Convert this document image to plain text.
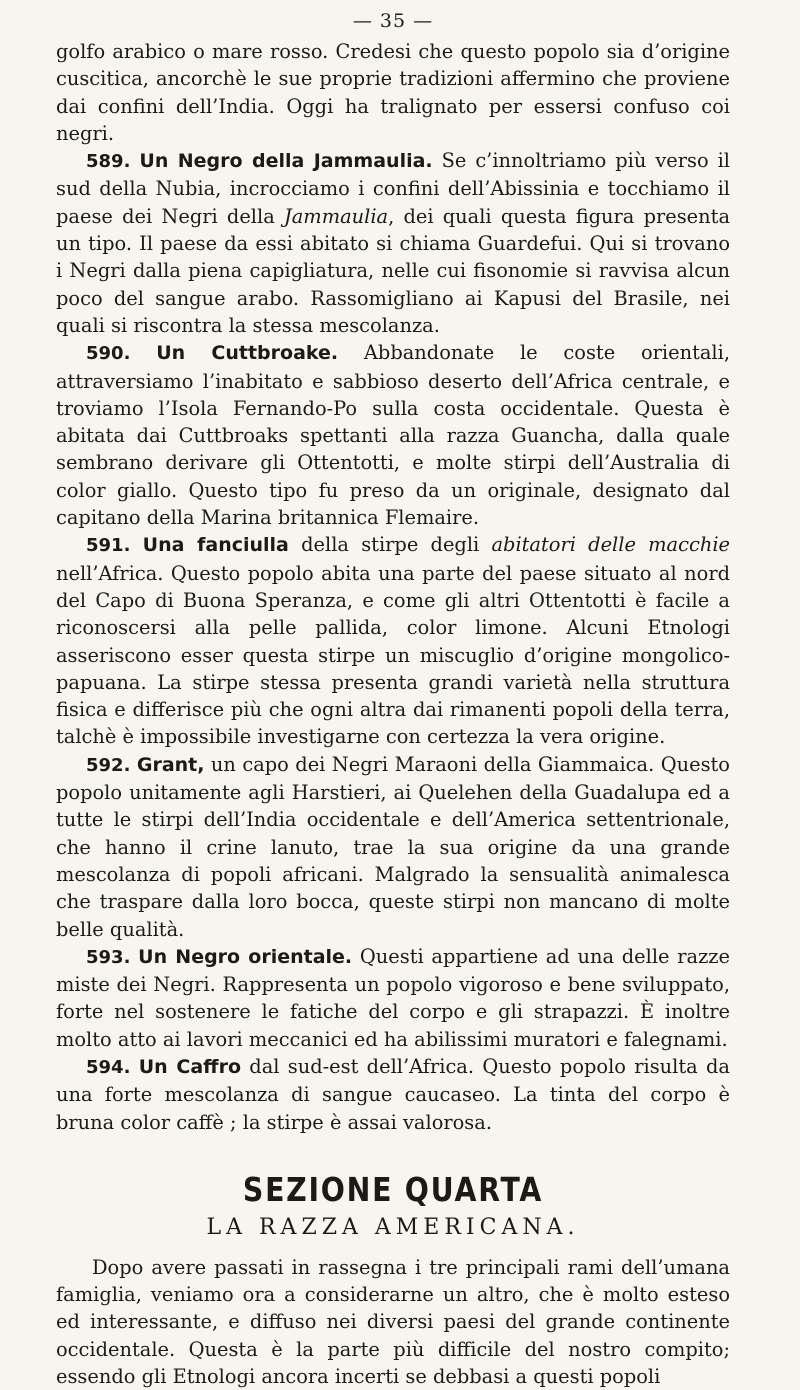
— 35 —

golfo arabico o mare rosso. Credesi che questo popolo sia d’origine cuscitica, ancorchè le sue proprie tradizioni affermino che proviene dai confini dell’India. Oggi ha tralignato per essersi confuso coi negri.

589. Un Negro della Jammaulia. Se c’innoltriamo più verso il sud della Nubia, incrocciamo i confini dell’Abissinia e tocchiamo il paese dei Negri della Jammaulia, dei quali questa figura presenta un tipo. Il paese da essi abitato si chiama Guardefui. Qui si trovano i Negri dalla piena capigliatura, nelle cui fisonomie si ravvisa alcun poco del sangue arabo. Rassomigliano ai Kapusi del Brasile, nei quali si riscontra la stessa mescolanza.

590. Un Cuttbroake. Abbandonate le coste orientali, attraversiamo l’inabitato e sabbioso deserto dell’Africa centrale, e troviamo l’Isola Fernando-Po sulla costa occidentale. Questa è abitata dai Cuttbroaks spettanti alla razza Guancha, dalla quale sembrano derivare gli Ottentotti, e molte stirpi dell’Australia di color giallo. Questo tipo fu preso da un originale, designato dal capitano della Marina britannica Flemaire.

591. Una fanciulla della stirpe degli abitatori delle macchie nell’Africa. Questo popolo abita una parte del paese situato al nord del Capo di Buona Speranza, e come gli altri Ottentotti è facile a riconoscersi alla pelle pallida, color limone. Alcuni Etnologi asseriscono esser questa stirpe un miscuglio d’origine mongolico-papuana. La stirpe stessa presenta grandi varietà nella struttura fisica e differisce più che ogni altra dai rimanenti popoli della terra, talchè è impossibile investigarne con certezza la vera origine.

592. Grant, un capo dei Negri Maraoni della Giammaica. Questo popolo unitamente agli Harstieri, ai Quelehen della Guadalupa ed a tutte le stirpi dell’India occidentale e dell’America settentrionale, che hanno il crine lanuto, trae la sua origine da una grande mescolanza di popoli africani. Malgrado la sensualità animalesca che traspare dalla loro bocca, queste stirpi non mancano di molte belle qualità.

593. Un Negro orientale. Questi appartiene ad una delle razze miste dei Negri. Rappresenta un popolo vigoroso e bene sviluppato, forte nel sostenere le fatiche del corpo e gli strapazzi. È inoltre molto atto ai lavori meccanici ed ha abilissimi muratori e falegnami.

594. Un Caffro dal sud-est dell’Africa. Questo popolo risulta da una forte mescolanza di sangue caucaseo. La tinta del corpo è bruna color caffè ; la stirpe è assai valorosa.

SEZIONE QUARTA
LA RAZZA AMERICANA.

Dopo avere passati in rassegna i tre principali rami dell’umana famiglia, veniamo ora a considerarne un altro, che è molto esteso ed interessante, e diffuso nei diversi paesi del grande continente occidentale. Questa è la parte più difficile del nostro compito; essendo gli Etnologi ancora incerti se debbasi a questi popoli
